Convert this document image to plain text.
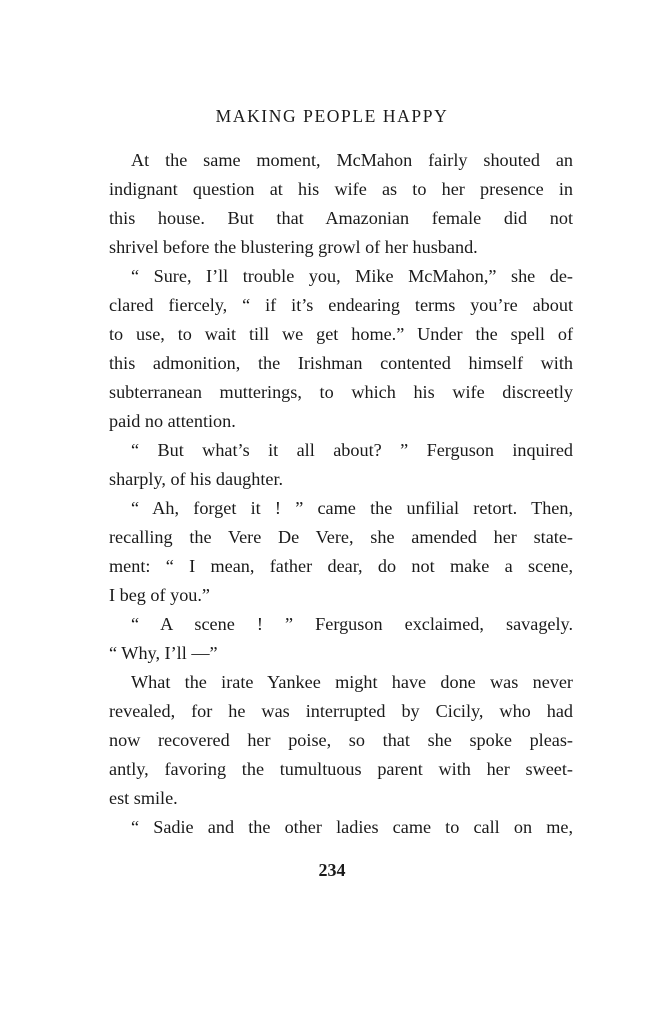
MAKING PEOPLE HAPPY
At the same moment, McMahon fairly shouted an
indignant question at his wife as to her presence in
this house. But that Amazonian female did not
shrivel before the blustering growl of her husband.
“ Sure, I’ll trouble you, Mike McMahon,” she de-
clared fiercely, “ if it’s endearing terms you’re about
to use, to wait till we get home.” Under the spell of
this admonition, the Irishman contented himself with
subterranean mutterings, to which his wife discreetly
paid no attention.
“ But what’s it all about? ” Ferguson inquired
sharply, of his daughter.
“ Ah, forget it ! ” came the unfilial retort. Then,
recalling the Vere De Vere, she amended her state-
ment: “ I mean, father dear, do not make a scene,
I beg of you.”
“ A scene ! ” Ferguson exclaimed, savagely.
“ Why, I’ll —”
What the irate Yankee might have done was never
revealed, for he was interrupted by Cicily, who had
now recovered her poise, so that she spoke pleas-
antly, favoring the tumultuous parent with her sweet-
est smile.
“ Sadie and the other ladies came to call on me,
234
